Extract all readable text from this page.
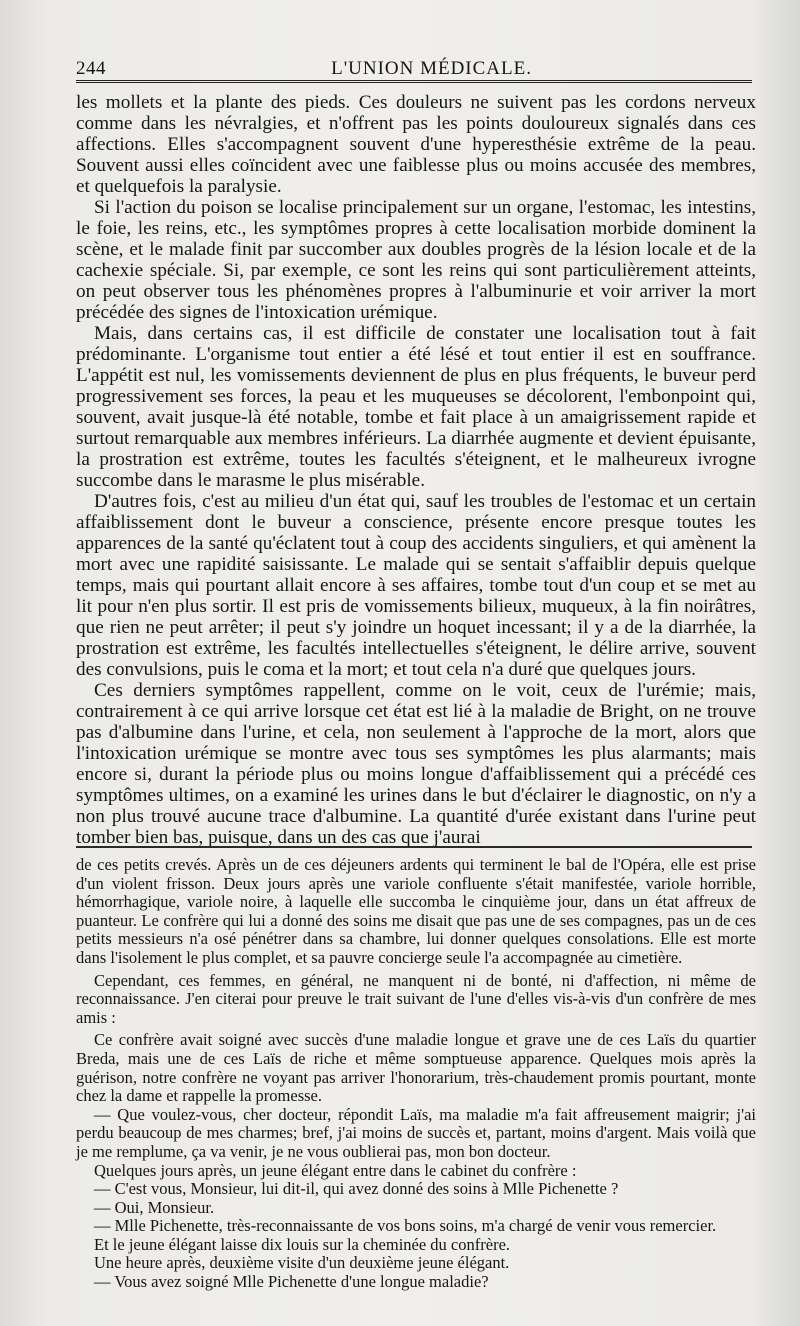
244	L'UNION MÉDICALE.

les mollets et la plante des pieds. Ces douleurs ne suivent pas les cordons nerveux comme dans les névralgies, et n'offrent pas les points douloureux signalés dans ces affections. Elles s'accompagnent souvent d'une hyperesthésie extrême de la peau. Souvent aussi elles coïncident avec une faiblesse plus ou moins accusée des membres, et quelquefois la paralysie.

Si l'action du poison se localise principalement sur un organe, l'estomac, les intestins, le foie, les reins, etc., les symptômes propres à cette localisation morbide dominent la scène, et le malade finit par succomber aux doubles progrès de la lésion locale et de la cachexie spéciale. Si, par exemple, ce sont les reins qui sont particulièrement atteints, on peut observer tous les phénomènes propres à l'albuminurie et voir arriver la mort précédée des signes de l'intoxication urémique.

Mais, dans certains cas, il est difficile de constater une localisation tout à fait prédominante. L'organisme tout entier a été lésé et tout entier il est en souffrance. L'appétit est nul, les vomissements deviennent de plus en plus fréquents, le buveur perd progressivement ses forces, la peau et les muqueuses se décolorent, l'embonpoint qui, souvent, avait jusque-là été notable, tombe et fait place à un amaigrissement rapide et surtout remarquable aux membres inférieurs. La diarrhée augmente et devient épuisante, la prostration est extrême, toutes les facultés s'éteignent, et le malheureux ivrogne succombe dans le marasme le plus misérable.

D'autres fois, c'est au milieu d'un état qui, sauf les troubles de l'estomac et un certain affaiblissement dont le buveur a conscience, présente encore presque toutes les apparences de la santé qu'éclatent tout à coup des accidents singuliers, et qui amènent la mort avec une rapidité saisissante. Le malade qui se sentait s'affaiblir depuis quelque temps, mais qui pourtant allait encore à ses affaires, tombe tout d'un coup et se met au lit pour n'en plus sortir. Il est pris de vomissements bilieux, muqueux, à la fin noirâtres, que rien ne peut arrêter; il peut s'y joindre un hoquet incessant; il y a de la diarrhée, la prostration est extrême, les facultés intellectuelles s'éteignent, le délire arrive, souvent des convulsions, puis le coma et la mort; et tout cela n'a duré que quelques jours.

Ces derniers symptômes rappellent, comme on le voit, ceux de l'urémie; mais, contrairement à ce qui arrive lorsque cet état est lié à la maladie de Bright, on ne trouve pas d'albumine dans l'urine, et cela, non seulement à l'approche de la mort, alors que l'intoxication urémique se montre avec tous ses symptômes les plus alarmants; mais encore si, durant la période plus ou moins longue d'affaiblissement qui a précédé ces symptômes ultimes, on a examiné les urines dans le but d'éclairer le diagnostic, on n'y a non plus trouvé aucune trace d'albumine. La quantité d'urée existant dans l'urine peut tomber bien bas, puisque, dans un des cas que j'aurai

de ces petits crevés. Après un de ces déjeuners ardents qui terminent le bal de l'Opéra, elle est prise d'un violent frisson. Deux jours après une variole confluente s'était manifestée, variole horrible, hémorrhagique, variole noire, à laquelle elle succomba le cinquième jour, dans un état affreux de puanteur. Le confrère qui lui a donné des soins me disait que pas une de ses compagnes, pas un de ces petits messieurs n'a osé pénétrer dans sa chambre, lui donner quelques consolations. Elle est morte dans l'isolement le plus complet, et sa pauvre concierge seule l'a accompagnée au cimetière.

Cependant, ces femmes, en général, ne manquent ni de bonté, ni d'affection, ni même de reconnaissance. J'en citerai pour preuve le trait suivant de l'une d'elles vis-à-vis d'un confrère de mes amis :

Ce confrère avait soigné avec succès d'une maladie longue et grave une de ces Laïs du quartier Breda, mais une de ces Laïs de riche et même somptueuse apparence. Quelques mois après la guérison, notre confrère ne voyant pas arriver l'honorarium, très-chaudement promis pourtant, monte chez la dame et rappelle la promesse.

— Que voulez-vous, cher docteur, répondit Laïs, ma maladie m'a fait affreusement maigrir; j'ai perdu beaucoup de mes charmes; bref, j'ai moins de succès et, partant, moins d'argent. Mais voilà que je me remplume, ça va venir, je ne vous oublierai pas, mon bon docteur.

Quelques jours après, un jeune élégant entre dans le cabinet du confrère :

— C'est vous, Monsieur, lui dit-il, qui avez donné des soins à Mlle Pichenette ?

— Oui, Monsieur.

— Mlle Pichenette, très-reconnaissante de vos bons soins, m'a chargé de venir vous remercier.

Et le jeune élégant laisse dix louis sur la cheminée du confrère.

Une heure après, deuxième visite d'un deuxième jeune élégant.

— Vous avez soigné Mlle Pichenette d'une longue maladie?
